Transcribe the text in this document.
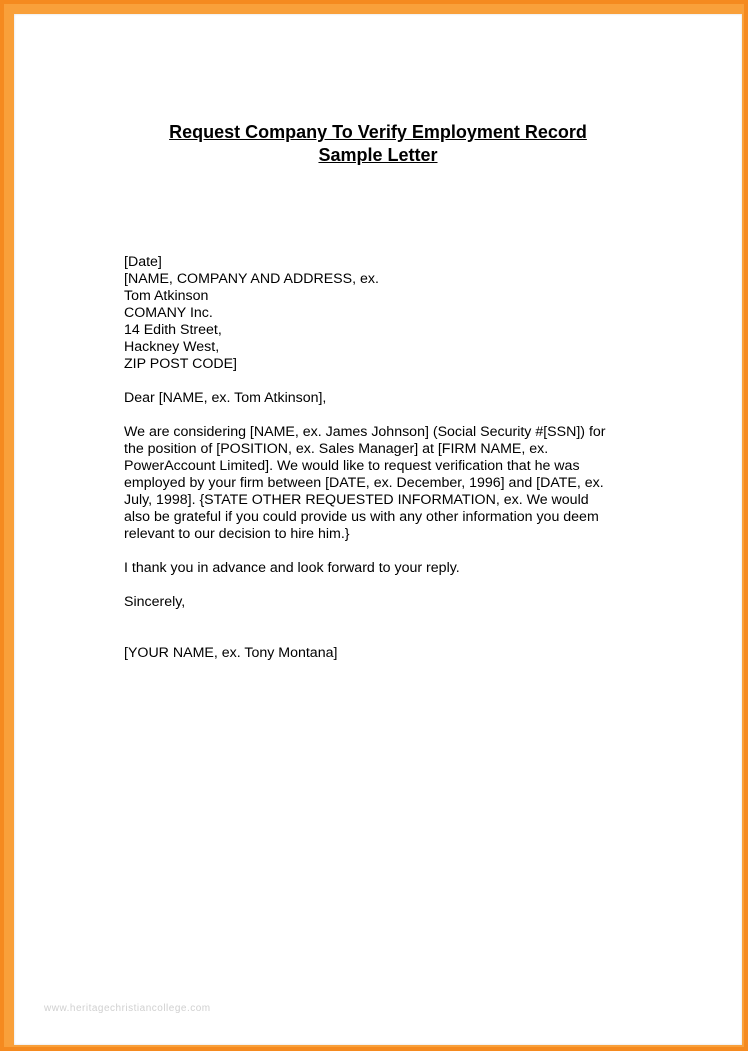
Request Company To Verify Employment Record
Sample Letter
[Date]
[NAME, COMPANY AND ADDRESS, ex.
Tom Atkinson
COMANY Inc.
14 Edith Street,
Hackney West,
ZIP POST CODE]
Dear [NAME, ex. Tom Atkinson],
We are considering [NAME, ex. James Johnson] (Social Security #[SSN]) for
the position of [POSITION, ex. Sales Manager] at [FIRM NAME, ex.
PowerAccount Limited]. We would like to request verification that he was
employed by your firm between [DATE, ex. December, 1996] and [DATE, ex.
July, 1998]. {STATE OTHER REQUESTED INFORMATION, ex. We would
also be grateful if you could provide us with any other information you deem
relevant to our decision to hire him.}
I thank you in advance and look forward to your reply.
Sincerely,
[YOUR NAME, ex. Tony Montana]
www.heritagechristiancollege.com
